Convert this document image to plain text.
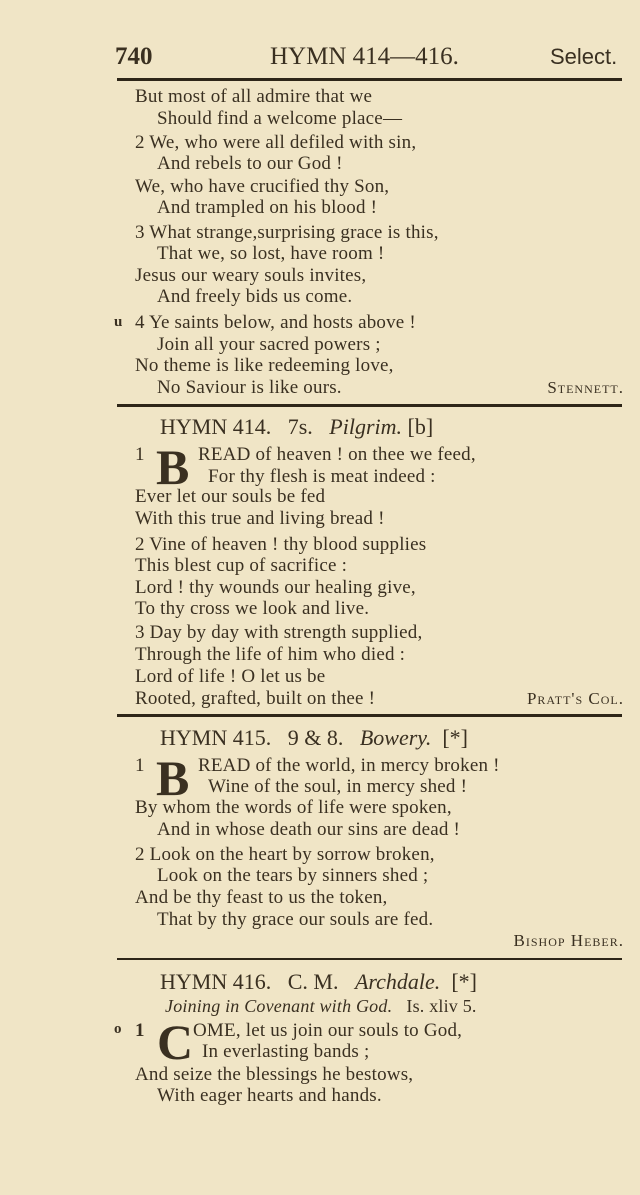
740	HYMN 414—416.	Select.
But most of all admire that we
Should find a welcome place—
2 We, who were all defiled with sin,
And rebels to our God !
We, who have crucified thy Son,
And trampled on his blood !
3 What strange,surprising grace is this,
That we, so lost, have room !
Jesus our weary souls invites,
And freely bids us come.
u 4 Ye saints below, and hosts above !
Join all your sacred powers ;
No theme is like redeeming love,
No Saviour is like ours.	Stennett.
HYMN 414. 7s. Pilgrim. [b]
1 B READ of heaven ! on thee we feed,
For thy flesh is meat indeed :
Ever let our souls be fed
With this true and living bread !
2 Vine of heaven ! thy blood supplies
This blest cup of sacrifice :
Lord ! thy wounds our healing give,
To thy cross we look and live.
3 Day by day with strength supplied,
Through the life of him who died :
Lord of life ! O let us be
Rooted, grafted, built on thee !	Pratt's Col.
HYMN 415. 9 & 8. Bowery. [*]
1 B READ of the world, in mercy broken !
Wine of the soul, in mercy shed !
By whom the words of life were spoken,
And in whose death our sins are dead !
2 Look on the heart by sorrow broken,
Look on the tears by sinners shed ;
And be thy feast to us the token,
That by thy grace our souls are fed.
Bishop Heber.
HYMN 416. C. M. Archdale. [*]
Joining in Covenant with God. Is. xliv 5.
o 1 C OME, let us join our souls to God,
In everlasting bands ;
And seize the blessings he bestows,
With eager hearts and hands.
